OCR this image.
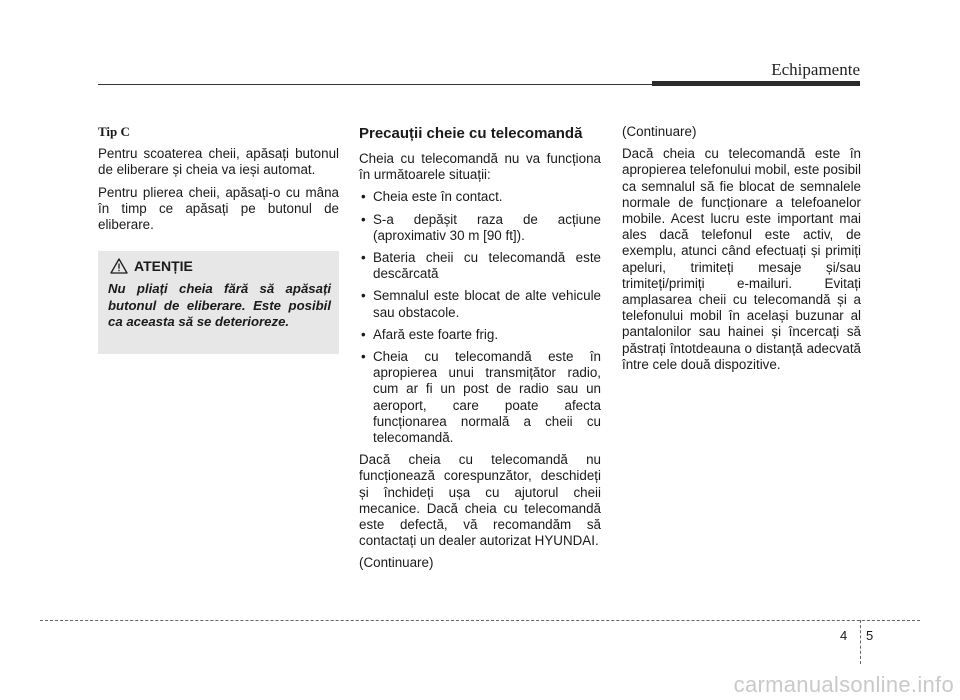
Echipamente
Tip C

Pentru scoaterea cheii, apăsați butonul de eliberare și cheia va ieși automat.

Pentru plierea cheii, apăsați-o cu mâna în timp ce apăsați pe butonul de eliberare.

ATENȚIE
Nu pliați cheia fără să apăsați butonul de eliberare. Este posibil ca aceasta să se deterioreze.
Precauții cheie cu telecomandă

Cheia cu telecomandă nu va funcționa în următoarele situații:

• Cheia este în contact.
• S-a depășit raza de acțiune (aproximativ 30 m [90 ft]).
• Bateria cheii cu telecomandă este descărcată
• Semnalul este blocat de alte vehicule sau obstacole.
• Afară este foarte frig.
• Cheia cu telecomandă este în apropierea unui transmițător radio, cum ar fi un post de radio sau un aeroport, care poate afecta funcționarea normală a cheii cu telecomandă.

Dacă cheia cu telecomandă nu funcționează corespunzător, deschideți și închideți ușa cu ajutorul cheii mecanice. Dacă cheia cu telecomandă este defectă, vă recomandăm să contactați un dealer autorizat HYUNDAI.

(Continuare)

(Continuare)

Dacă cheia cu telecomandă este în apropierea telefonului mobil, este posibil ca semnalul să fie blocat de semnalele normale de funcționare a telefoanelor mobile. Acest lucru este important mai ales dacă telefonul este activ, de exemplu, atunci când efectuați și primiți apeluri, trimiteți mesaje și/sau trimiteți/primiți e-mailuri. Evitați amplasarea cheii cu telecomandă și a telefonului mobil în același buzunar al pantalonilor sau hainei și încercați să păstrați întotdeauna o distanță adecvată între cele două dispozitive.

4 5
carmanualsonline.info
